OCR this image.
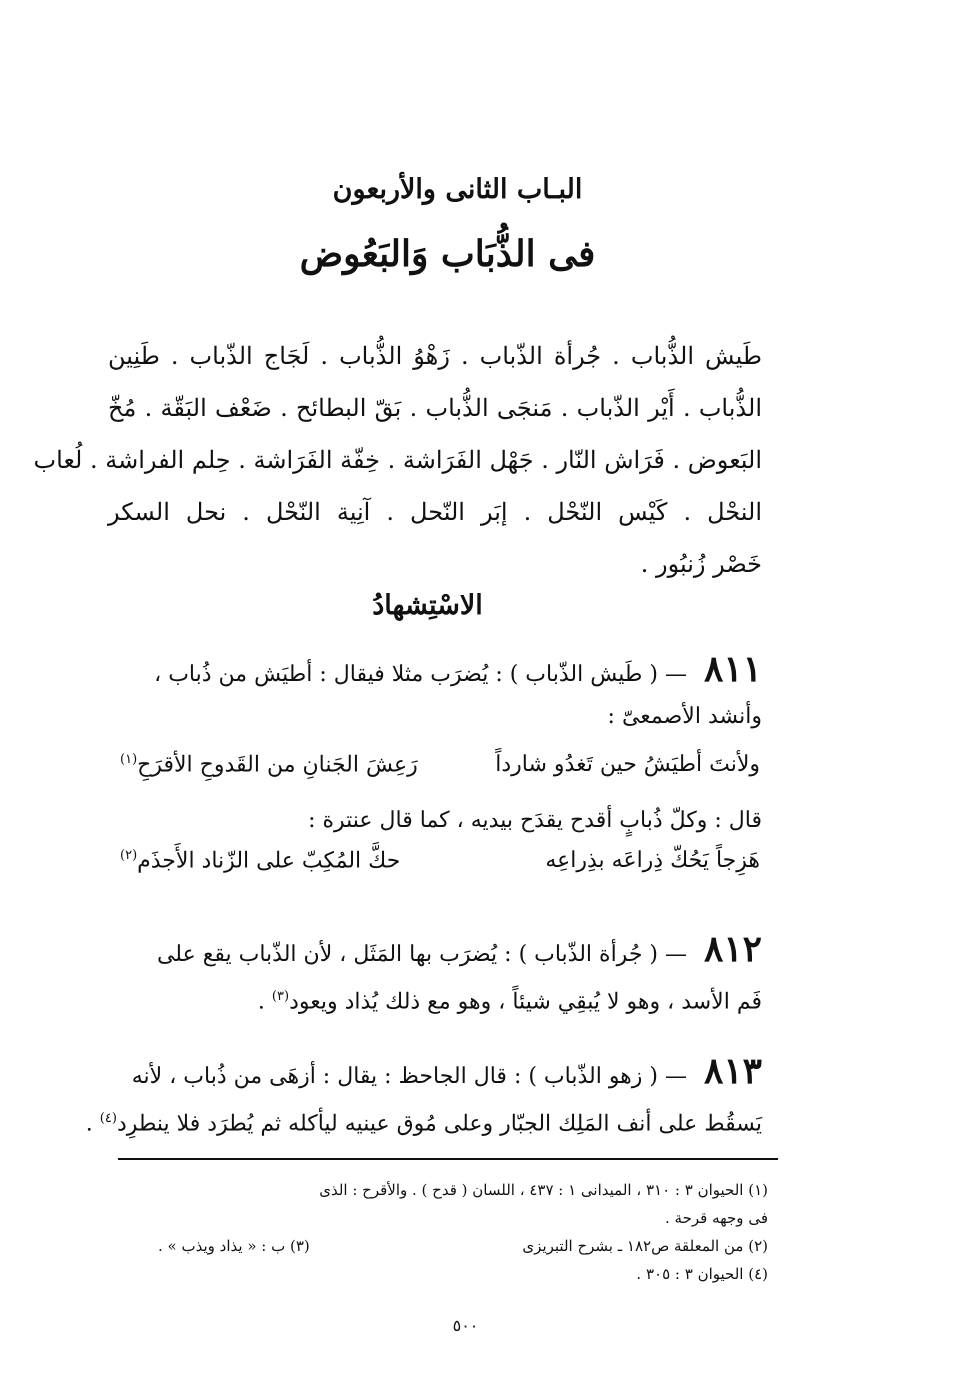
البـاب الثانى والأربعون
فى الذُّبَاب وَالبَعُوض
طَيش الذُّباب . جُرأة الذّباب . زَهْوُ الذُّباب . لَجَاج الذّباب . طَنِين
الذُّباب . أَيْر الذّباب . مَنجَى الذُّباب . بَقّ البطائح . ضَعْف البَقّة . مُخّ
البَعوض . فَرَاش النّار . جَهْل الفَرَاشة . خِفّة الفَرَاشة . حِلم الفراشة . لُعاب
النحْل . كَيْس النّحْل . إبَر النّحل . آنِية النّحْل . نحل السكر
خَصْر زُنبُور .
الاسْتِشهادُ
٨١١ — ( طَيش الذّباب ) : يُضرَب مثلا فيقال : أطيَش من ذُباب ،
وأنشد الأصمعىّ :
ولأنتَ أطيَشُ حين تَغدُو شارداً
رَعِشَ الجَنانِ من القَدوحِ الأقرَحِ$^{(١)}$
قال : وكلّ ذُبابٍ أقدح يقدَح بيديه ، كما قال عنترة :
هَزِجاً يَحُكّ ذِراعَه بذِراعِه
حكَّ المُكِبّ على الزّناد الأَجذَم$^{(٢)}$
٨١٢ — ( جُرأة الذّباب ) : يُضرَب بها المَثَل ، لأن الذّباب يقع على
فَم الأسد ، وهو لا يُبقِي شيئاً ، وهو مع ذلك يُذاد ويعود$^{(٣)}$ .
٨١٣ — ( زهو الذّباب ) : قال الجاحظ : يقال : أزهَى من ذُباب ، لأنه
يَسقُط على أنف المَلِك الجبّار وعلى مُوق عينيه ليأكله ثم يُطرَد فلا ينطرِد$^{(٤)}$ .
(١) الحيوان ٣ : ٣١٠ ، الميدانى ١ : ٤٣٧ ، اللسان ( قدح ) . والأقرح : الذى
فى وجهه قرحة .
(٢) من المعلقة ص١٨٢ ـ بشرح التبريزى
(٣) ب : « يذاد ويذب » .
(٤) الحيوان ٣ : ٣٠٥ .
٥٠٠
